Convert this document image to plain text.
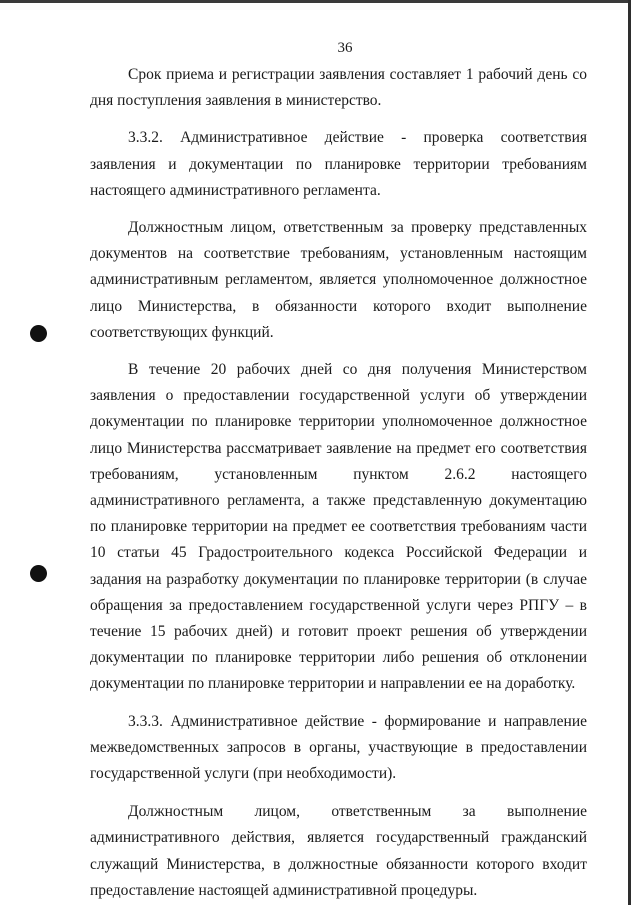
36

Срок приема и регистрации заявления составляет 1 рабочий день со дня поступления заявления в министерство.

3.3.2. Административное действие - проверка соответствия заявления и документации по планировке территории требованиям настоящего административного регламента.

Должностным лицом, ответственным за проверку представленных документов на соответствие требованиям, установленным настоящим административным регламентом, является уполномоченное должностное лицо Министерства, в обязанности которого входит выполнение соответствующих функций.

В течение 20 рабочих дней со дня получения Министерством заявления о предоставлении государственной услуги об утверждении документации по планировке территории уполномоченное должностное лицо Министерства рассматривает заявление на предмет его соответствия требованиям, установленным пунктом 2.6.2 настоящего административного регламента, а также представленную документацию по планировке территории на предмет ее соответствия требованиям части 10 статьи 45 Градостроительного кодекса Российской Федерации и задания на разработку документации по планировке территории (в случае обращения за предоставлением государственной услуги через РПГУ – в течение 15 рабочих дней) и готовит проект решения об утверждении документации по планировке территории либо решения об отклонении документации по планировке территории и направлении ее на доработку.

3.3.3. Административное действие - формирование и направление межведомственных запросов в органы, участвующие в предоставлении государственной услуги (при необходимости).

Должностным лицом, ответственным за выполнение административного действия, является государственный гражданский служащий Министерства, в должностные обязанности которого входит предоставление настоящей административной процедуры.
